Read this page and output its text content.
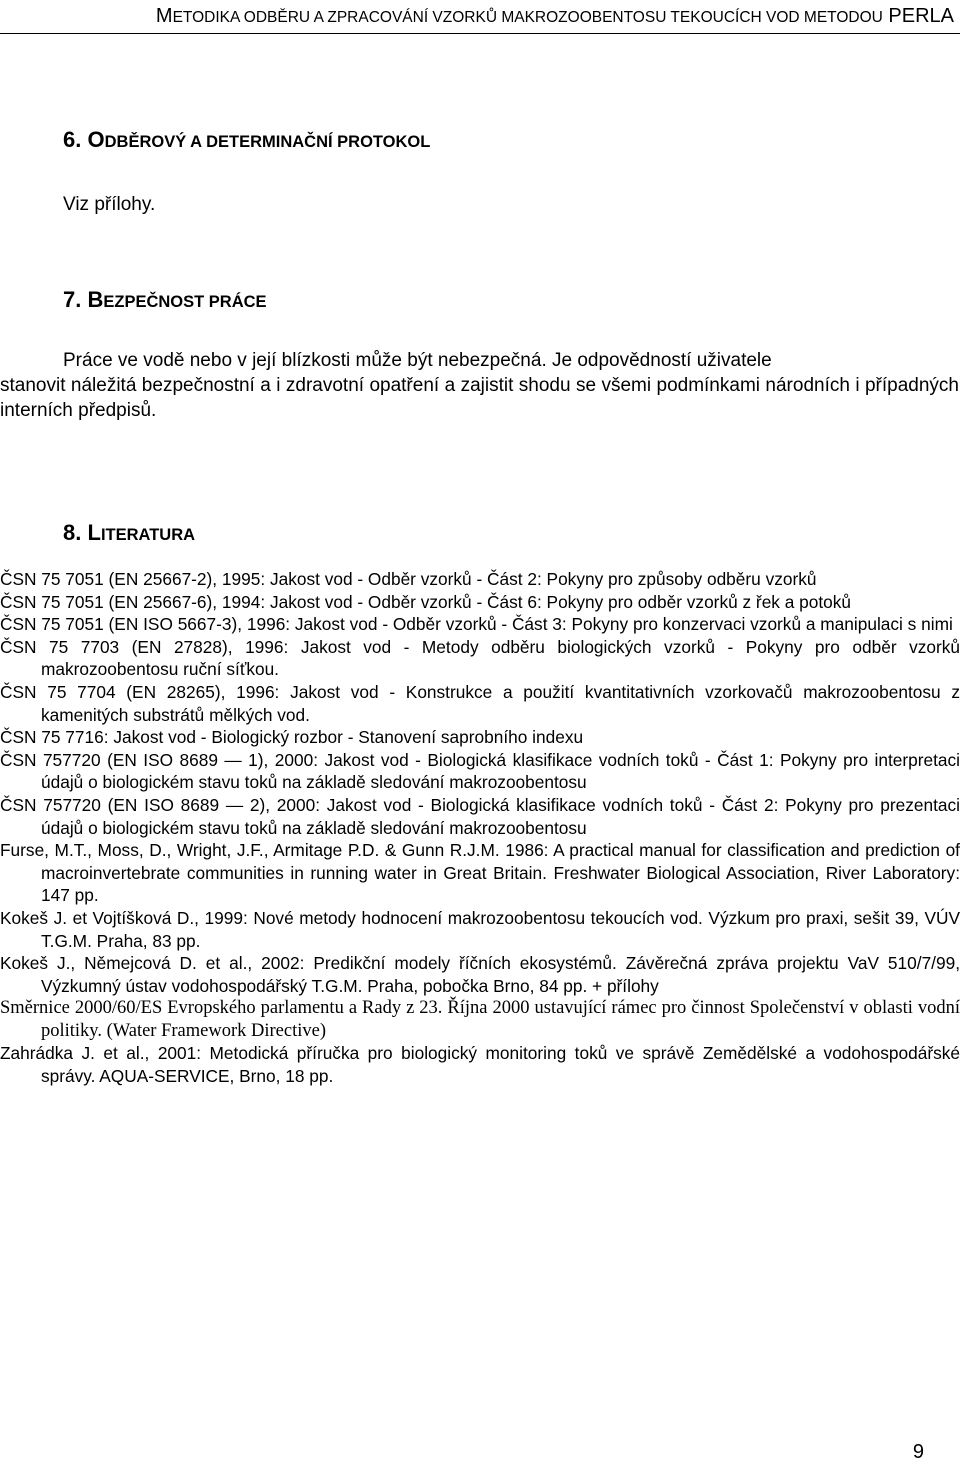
METODIKA ODBĚRU A ZPRACOVÁNÍ VZORKŮ MAKROZOOBENTOSU TEKOUCÍCH VOD METODOU PERLA
6. ODBĚROVÝ A DETERMINAČNÍ PROTOKOL
Viz přílohy.
7. BEZPEČNOST PRÁCE
Práce ve vodě nebo v její blízkosti může být nebezpečná. Je odpovědností uživatele
stanovit náležitá bezpečnostní a i zdravotní opatření a zajistit shodu se všemi podmínkami národních i případných interních předpisů.
8. LITERATURA

ČSN 75 7051 (EN 25667-2), 1995: Jakost vod - Odběr vzorků - Část 2: Pokyny pro způsoby odběru vzorků

ČSN 75 7051 (EN 25667-6), 1994: Jakost vod - Odběr vzorků - Část 6: Pokyny pro odběr vzorků z řek a potoků

ČSN 75 7051 (EN ISO 5667-3), 1996: Jakost vod - Odběr vzorků - Část 3: Pokyny pro konzervaci vzorků a manipulaci s nimi

ČSN 75 7703 (EN 27828), 1996: Jakost vod - Metody odběru biologických vzorků - Pokyny pro odběr vzorků makrozoobentosu ruční síťkou.

ČSN 75 7704 (EN 28265), 1996: Jakost vod - Konstrukce a použití kvantitativních vzorkovačů makrozoobentosu z kamenitých substrátů mělkých vod.

ČSN 75 7716: Jakost vod - Biologický rozbor - Stanovení saprobního indexu

ČSN 757720 (EN ISO 8689 — 1), 2000: Jakost vod - Biologická klasifikace vodních toků - Část 1: Pokyny pro interpretaci údajů o biologickém stavu toků na základě sledování makrozoobentosu

ČSN 757720 (EN ISO 8689 — 2), 2000: Jakost vod - Biologická klasifikace vodních toků - Část 2: Pokyny pro prezentaci údajů o biologickém stavu toků na základě sledování makrozoobentosu

Furse, M.T., Moss, D., Wright, J.F., Armitage P.D. & Gunn R.J.M. 1986: A practical manual for classification and prediction of macroinvertebrate communities in running water in Great Britain. Freshwater Biological Association, River Laboratory: 147 pp.

Kokeš J. et Vojtíšková D., 1999: Nové metody hodnocení makrozoobentosu tekoucích vod. Výzkum pro praxi, sešit 39, VÚV T.G.M. Praha, 83 pp.

Kokeš J., Němejcová D. et al., 2002: Predikční modely říčních ekosystémů. Závěrečná zpráva projektu VaV 510/7/99, Výzkumný ústav vodohospodářský T.G.M. Praha, pobočka Brno, 84 pp. + přílohy

Směrnice 2000/60/ES Evropského parlamentu a Rady z 23. Října 2000 ustavující rámec pro činnost Společenství v oblasti vodní politiky. (Water Framework Directive)

Zahrádka J. et al., 2001: Metodická příručka pro biologický monitoring toků ve správě Zemědělské a vodohospodářské správy. AQUA-SERVICE, Brno, 18 pp.

9
